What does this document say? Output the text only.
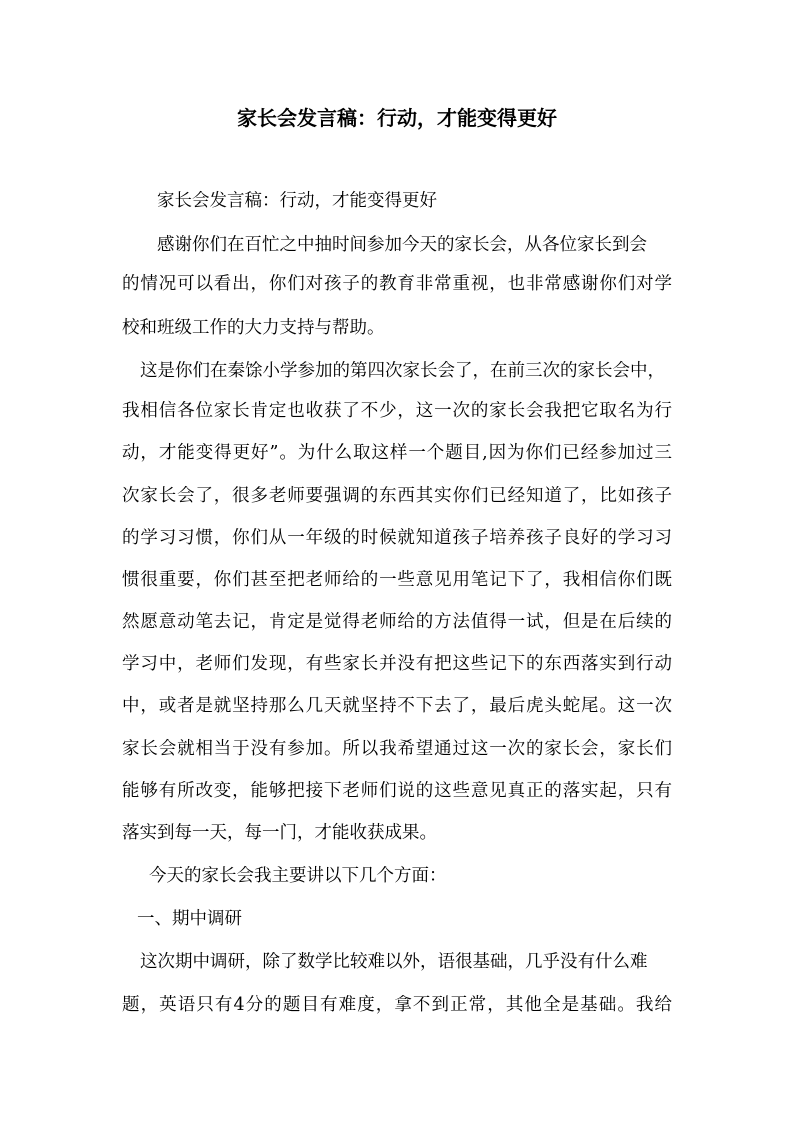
家长会发言稿：行动，才能变得更好
家长会发言稿：行动，才能变得更好
感谢你们在百忙之中抽时间参加今天的家长会，从各位家长到会
的情况可以看出，你们对孩子的教育非常重视，也非常感谢你们对学
校和班级工作的大力支持与帮助。
这是你们在秦馀小学参加的第四次家长会了，在前三次的家长会中，
我相信各位家长肯定也收获了不少，这一次的家长会我把它取名为行
动，才能变得更好”。为什么取这样一个题目,因为你们已经参加过三
次家长会了，很多老师要强调的东西其实你们已经知道了，比如孩子
的学习习惯，你们从一年级的时候就知道孩子培养孩子良好的学习习
惯很重要，你们甚至把老师给的一些意见用笔记下了，我相信你们既
然愿意动笔去记，肯定是觉得老师给的方法值得一试，但是在后续的
学习中，老师们发现，有些家长并没有把这些记下的东西落实到行动
中，或者是就坚持那么几天就坚持不下去了，最后虎头蛇尾。这一次
家长会就相当于没有参加。所以我希望通过这一次的家长会，家长们
能够有所改变，能够把接下老师们说的这些意见真正的落实起，只有
落实到每一天，每一门，才能收获成果。
今天的家长会我主要讲以下几个方面：
一、期中调研
这次期中调研，除了数学比较难以外，语很基础，几乎没有什么难
题，英语只有4分的题目有难度，拿不到正常，其他全是基础。我给
